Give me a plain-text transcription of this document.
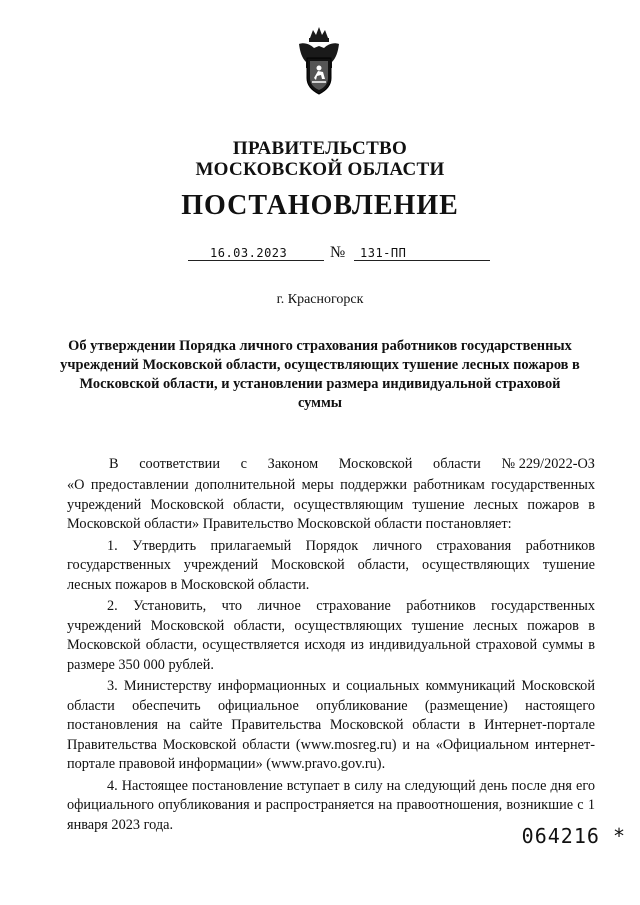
ПРАВИТЕЛЬСТВО
МОСКОВСКОЙ ОБЛАСТИ
ПОСТАНОВЛЕНИЕ
16.03.2023	№ 131-ПП
г. Красногорск
Об утверждении Порядка личного страхования работников государственных учреждений Московской области, осуществляющих тушение лесных пожаров в Московской области, и установлении размера индивидуальной страховой суммы
В соответствии с Законом Московской области № 229/2022-ОЗ

«О предоставлении дополнительной меры поддержки работникам государственных учреждений Московской области, осуществляющим тушение лесных пожаров в Московской области» Правительство Московской области постановляет:

1. Утвердить прилагаемый Порядок личного страхования работников государственных учреждений Московской области, осуществляющих тушение лесных пожаров в Московской области.

2. Установить, что личное страхование работников государственных учреждений Московской области, осуществляющих тушение лесных пожаров в Московской области, осуществляется исходя из индивидуальной страховой суммы в размере 350 000 рублей.

3. Министерству информационных и социальных коммуникаций Московской области обеспечить официальное опубликование (размещение) настоящего постановления на сайте Правительства Московской области в Интернет-портале Правительства Московской области (www.mosreg.ru) и на «Официальном интернет-портале правовой информации» (www.pravo.gov.ru).

4. Настоящее постановление вступает в силу на следующий день после дня его официального опубликования и распространяется на правоотношения, возникшие с 1 января 2023 года.	064216 *
